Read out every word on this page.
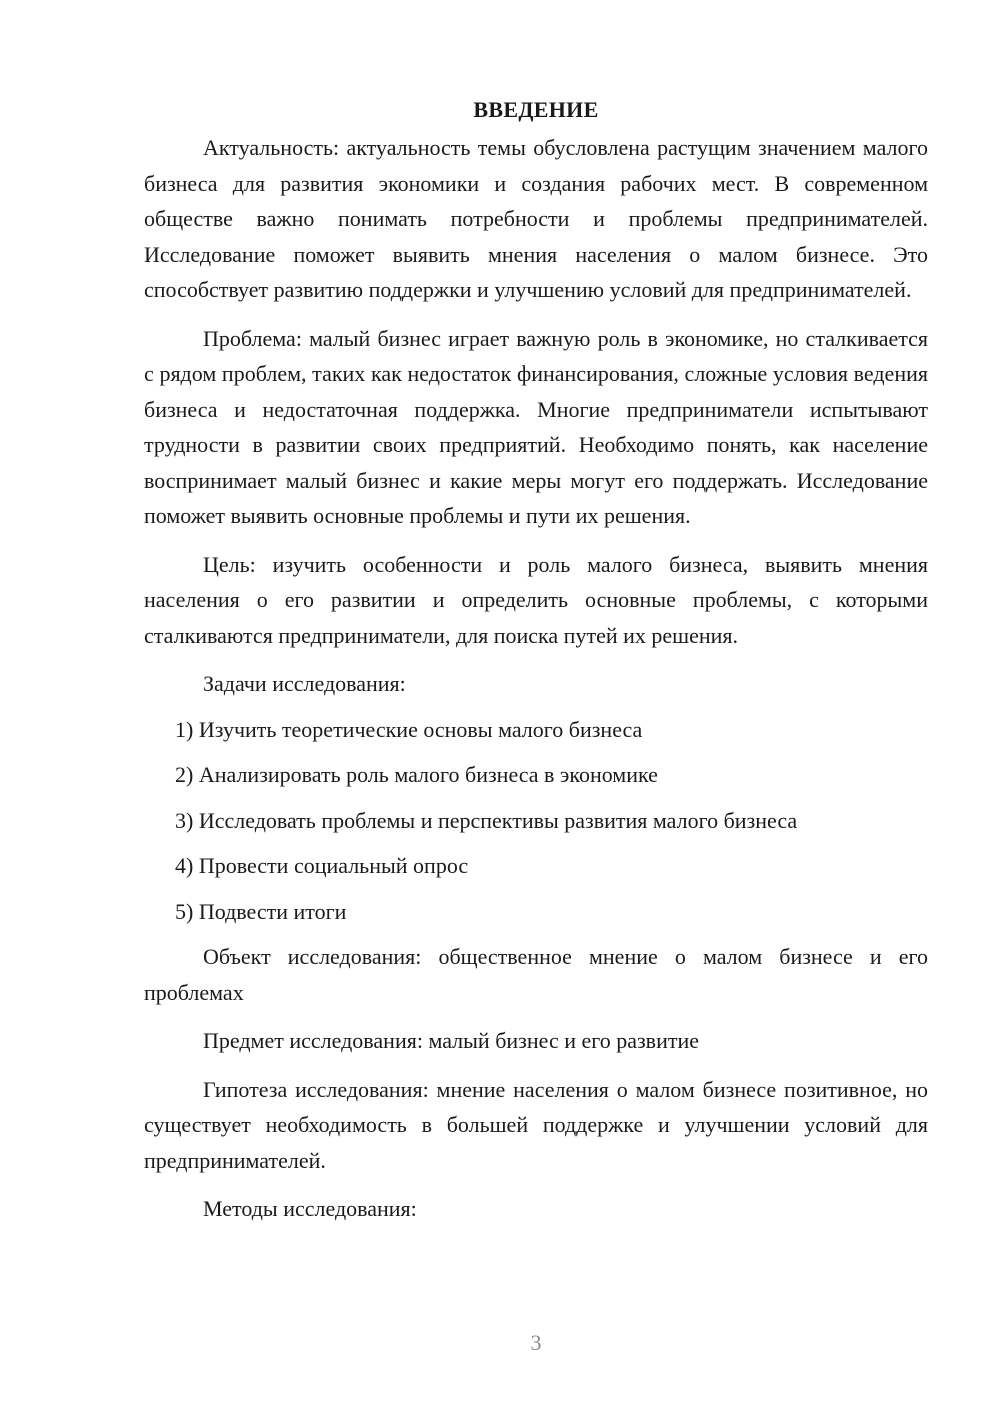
ВВЕДЕНИЕ

Актуальность: актуальность темы обусловлена растущим значением малого бизнеса для развития экономики и создания рабочих мест. В современном обществе важно понимать потребности и проблемы предпринимателей. Исследование поможет выявить мнения населения о малом бизнесе. Это способствует развитию поддержки и улучшению условий для предпринимателей.

Проблема: малый бизнес играет важную роль в экономике, но сталкивается с рядом проблем, таких как недостаток финансирования, сложные условия ведения бизнеса и недостаточная поддержка. Многие предприниматели испытывают трудности в развитии своих предприятий. Необходимо понять, как население воспринимает малый бизнес и какие меры могут его поддержать. Исследование поможет выявить основные проблемы и пути их решения.

Цель: изучить особенности и роль малого бизнеса, выявить мнения населения о его развитии и определить основные проблемы, с которыми сталкиваются предприниматели, для поиска путей их решения.

Задачи исследования:

1) Изучить теоретические основы малого бизнеса
2) Анализировать роль малого бизнеса в экономике
3) Исследовать проблемы и перспективы развития малого бизнеса
4) Провести социальный опрос
5) Подвести итоги

Объект исследования: общественное мнение о малом бизнесе и его проблемах

Предмет исследования: малый бизнес и его развитие

Гипотеза исследования: мнение населения о малом бизнесе позитивное, но существует необходимость в большей поддержке и улучшении условий для предпринимателей.

Методы исследования:

3
